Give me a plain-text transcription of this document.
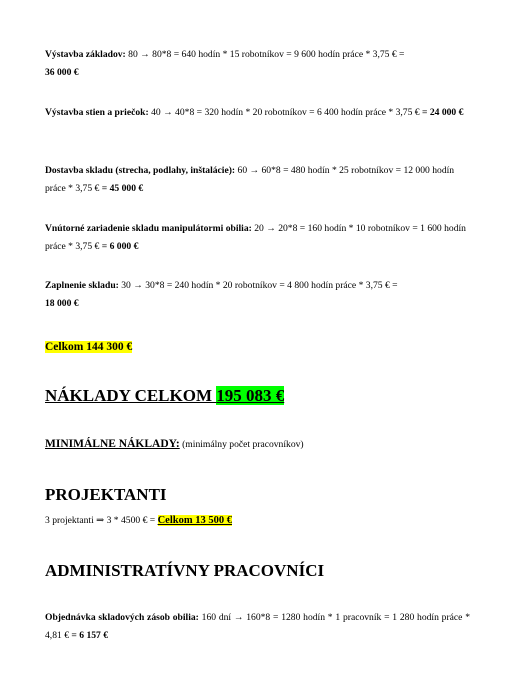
Výstavba základov: 80 → 80*8 = 640 hodín * 15 robotníkov = 9 600 hodín práce * 3,75 € =
36 000 €
Výstavba stien a priečok: 40 → 40*8 = 320 hodín * 20 robotníkov = 6 400 hodín práce * 3,75 € = 24 000 €
Dostavba skladu (strecha, podlahy, inštalácie): 60 → 60*8 = 480 hodín * 25 robotníkov = 12 000 hodín práce * 3,75 € = 45 000 €
Vnútorné zariadenie skladu manipulátormi obilia: 20 → 20*8 = 160 hodín * 10 robotníkov = 1 600 hodín práce * 3,75 € = 6 000 €
Zaplnenie skladu: 30 → 30*8 = 240 hodín * 20 robotníkov = 4 800 hodín práce * 3,75 € =
18 000 €
Celkom 144 300 €
NÁKLADY CELKOM 195 083 €
MINIMÁLNE NÁKLADY: (minimálny počet pracovníkov)
PROJEKTANTI
3 projektanti ⇒ 3 * 4500 € = Celkom 13 500 €
ADMINISTRATÍVNY PRACOVNÍCI
Objednávka skladových zásob obilia: 160 dní → 160*8 = 1280 hodín * 1 pracovník = 1 280 hodín práce * 4,81 € = 6 157 €
